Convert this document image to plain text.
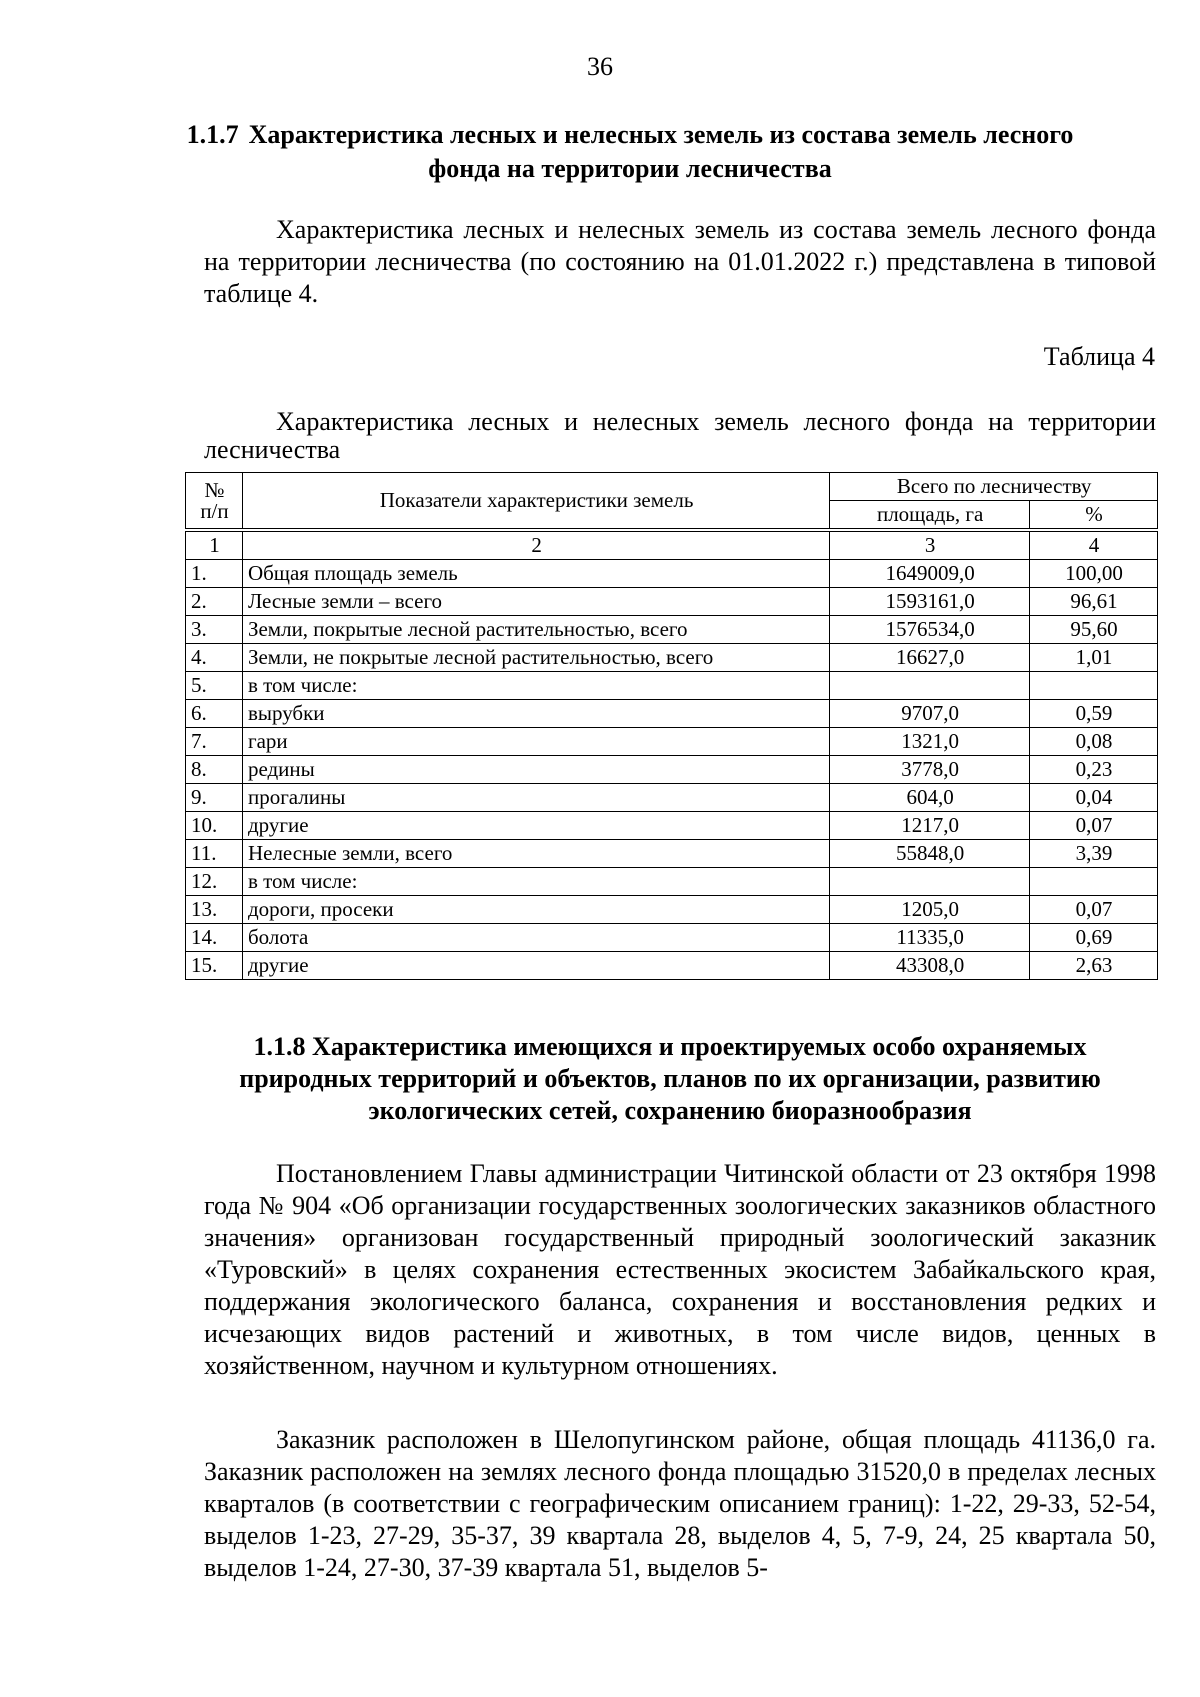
36
1.1.7 Характеристика лесных и нелесных земель из состава земель лесного фонда на территории лесничества
Характеристика лесных и нелесных земель из состава земель лесного фонда на территории лесничества (по состоянию на 01.01.2022 г.) представлена в типовой таблице 4.
Таблица 4
Характеристика лесных и нелесных земель лесного фонда на территории лесничества
№
п/п	Показатели характеристики земель	Всего по лесничеству	
		площадь, га	%
1	2	3	4
1.	Общая площадь земель	1649009,0	100,00
2.	Лесные земли – всего	1593161,0	96,61
3.	Земли, покрытые лесной растительностью, всего	1576534,0	95,60
4.	Земли, не покрытые лесной растительностью, всего	16627,0	1,01
5.	в том числе:		
6.	вырубки	9707,0	0,59
7.	гари	1321,0	0,08
8.	редины	3778,0	0,23
9.	прогалины	604,0	0,04
10.	другие	1217,0	0,07
11.	Нелесные земли, всего	55848,0	3,39
12.	в том числе:		
13.	дороги, просеки	1205,0	0,07
14.	болота	11335,0	0,69
15.	другие	43308,0	2,63
1.1.8 Характеристика имеющихся и проектируемых особо охраняемых природных территорий и объектов, планов по их организации, развитию экологических сетей, сохранению биоразнообразия
Постановлением Главы администрации Читинской области от 23 октября 1998 года № 904 «Об организации государственных зоологических заказников областного значения» организован государственный природный зоологический заказник «Туровский» в целях сохранения естественных экосистем Забайкальского края, поддержания экологического баланса, сохранения и восстановления редких и исчезающих видов растений и животных, в том числе видов, ценных в хозяйственном, научном и культурном отношениях.
Заказник расположен в Шелопугинском районе, общая площадь 41136,0 га. Заказник расположен на землях лесного фонда площадью 31520,0 в пределах лесных кварталов (в соответствии с географическим описанием границ): 1-22, 29-33, 52-54, выделов 1-23, 27-29, 35-37, 39 квартала 28, выделов 4, 5, 7-9, 24, 25 квартала 50, выделов 1-24, 27-30, 37-39 квартала 51, выделов 5-
